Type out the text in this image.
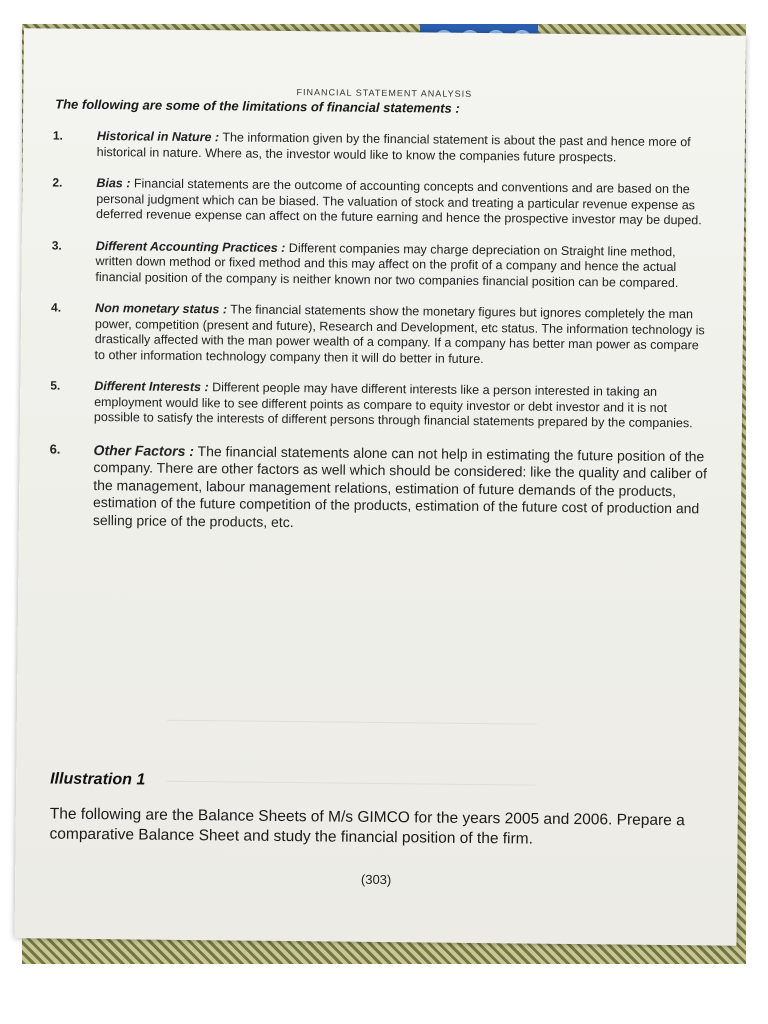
FINANCIAL STATEMENT ANALYSIS
The following are some of the limitations of financial statements :
1.	Historical in Nature : The information given by the financial statement is about the past and hence more of historical in nature. Where as, the investor would like to know the companies future prospects.
2.	Bias : Financial statements are the outcome of accounting concepts and conventions and are based on the personal judgment which can be biased. The valuation of stock and treating a particular revenue expense as deferred revenue expense can affect on the future earning and hence the prospective investor may be duped.
3.	Different Accounting Practices : Different companies may charge depreciation on Straight line method, written down method or fixed method and this may affect on the profit of a company and hence the actual financial position of the company is neither known nor two companies financial position can be compared.
4.	Non monetary status : The financial statements show the monetary figures but ignores completely the man power, competition (present and future), Research and Development, etc status. The information technology is drastically affected with the man power wealth of a company. If a company has better man power as compare to other information technology company then it will do better in future.
5.	Different Interests : Different people may have different interests like a person interested in taking an employment would like to see different points as compare to equity investor or debt investor and it is not possible to satisfy the interests of different persons through financial statements prepared by the companies.
6. Other Factors : The financial statements alone can not help in estimating the future position of the company. There are other factors as well which should be considered: like the quality and caliber of the management, labour management relations, estimation of future demands of the products, estimation of the future competition of the products, estimation of the future cost of production and selling price of the products, etc.
Illustration 1
The following are the Balance Sheets of M/s GIMCO for the years 2005 and 2006. Prepare a comparative Balance Sheet and study the financial position of the firm.
(303)
